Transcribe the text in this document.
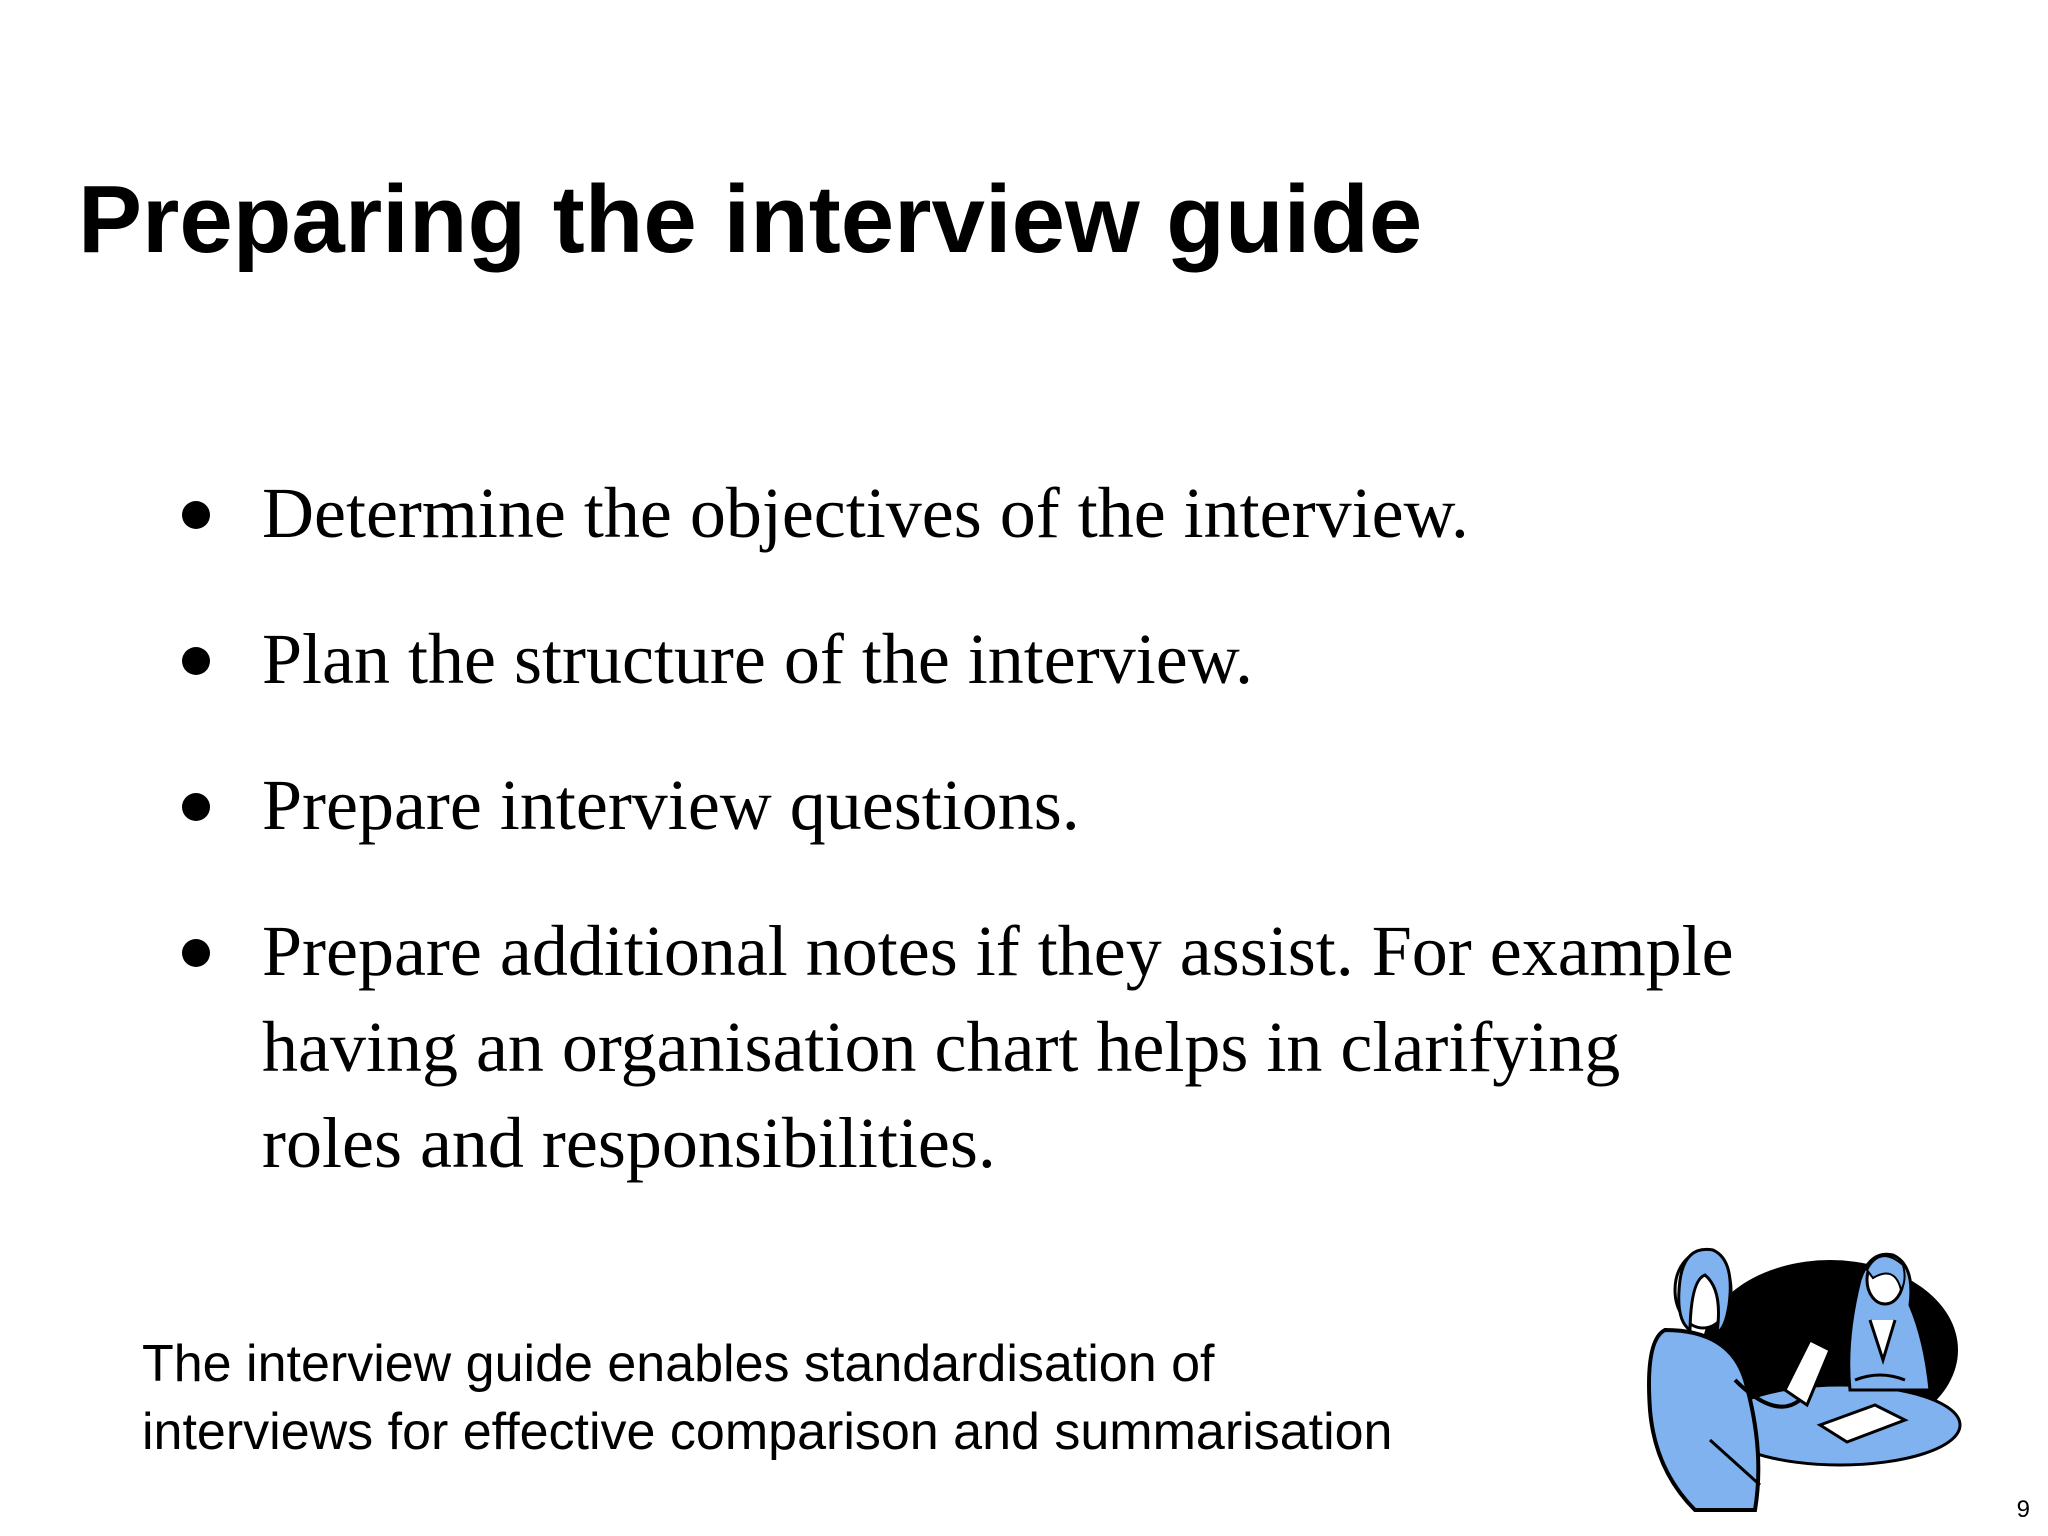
Preparing the interview guide
Determine the objectives of the interview.
Plan the structure of the interview.
Prepare interview questions.
Prepare additional notes if they assist. For example having an organisation chart helps in clarifying roles and responsibilities.

The interview guide enables standardisation of
interviews for effective comparison and summarisation

9
